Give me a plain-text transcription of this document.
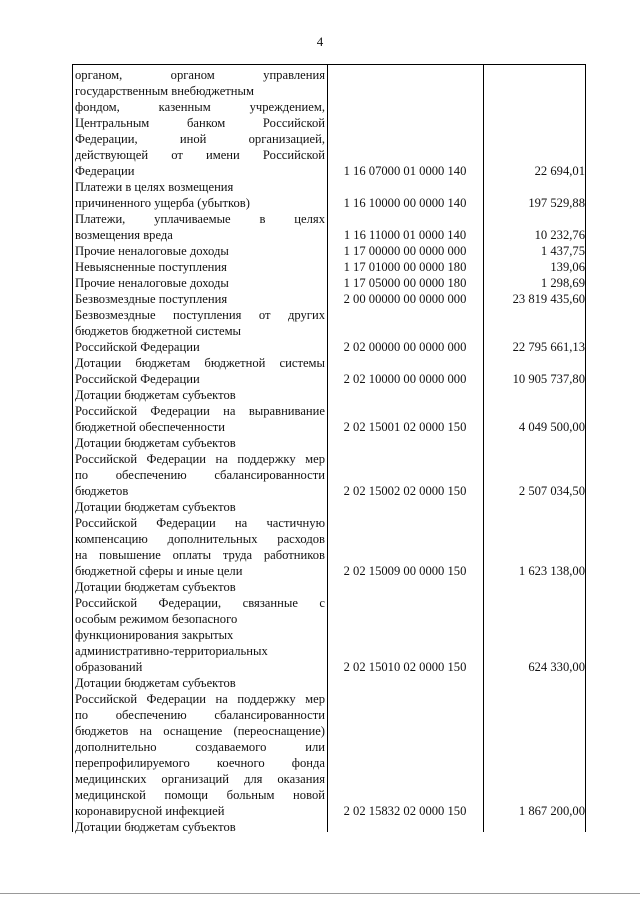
4
органом, органом управления
государственным внебюджетным
фондом, казенным учреждением,
Центральным банком Российской
Федерации, иной организацией,
действующей от имени Российской
Федерации	1 16 07000 01 0000 140	22 694,01
Платежи в целях возмещения
причиненного ущерба (убытков)	1 16 10000 00 0000 140	197 529,88
Платежи, уплачиваемые в целях
возмещения вреда	1 16 11000 01 0000 140	10 232,76
Прочие неналоговые доходы	1 17 00000 00 0000 000	1 437,75
Невыясненные поступления	1 17 01000 00 0000 180	139,06
Прочие неналоговые доходы	1 17 05000 00 0000 180	1 298,69
Безвозмездные поступления	2 00 00000 00 0000 000	23 819 435,60
Безвозмездные поступления от других
бюджетов бюджетной системы
Российской Федерации	2 02 00000 00 0000 000	22 795 661,13
Дотации бюджетам бюджетной системы
Российской Федерации	2 02 10000 00 0000 000	10 905 737,80
Дотации бюджетам субъектов
Российской Федерации на выравнивание
бюджетной обеспеченности	2 02 15001 02 0000 150	4 049 500,00
Дотации бюджетам субъектов
Российской Федерации на поддержку мер
по обеспечению сбалансированности
бюджетов	2 02 15002 02 0000 150	2 507 034,50
Дотации бюджетам субъектов
Российской Федерации на частичную
компенсацию дополнительных расходов
на повышение оплаты труда работников
бюджетной сферы и иные цели	2 02 15009 00 0000 150	1 623 138,00
Дотации бюджетам субъектов
Российской Федерации, связанные с
особым режимом безопасного
функционирования закрытых
административно-территориальных
образований	2 02 15010 02 0000 150	624 330,00
Дотации бюджетам субъектов
Российской Федерации на поддержку мер
по обеспечению сбалансированности
бюджетов на оснащение (переоснащение)
дополнительно создаваемого или
перепрофилируемого коечного фонда
медицинских организаций для оказания
медицинской помощи больным новой
коронавирусной инфекцией	2 02 15832 02 0000 150	1 867 200,00
Дотации бюджетам субъектов
